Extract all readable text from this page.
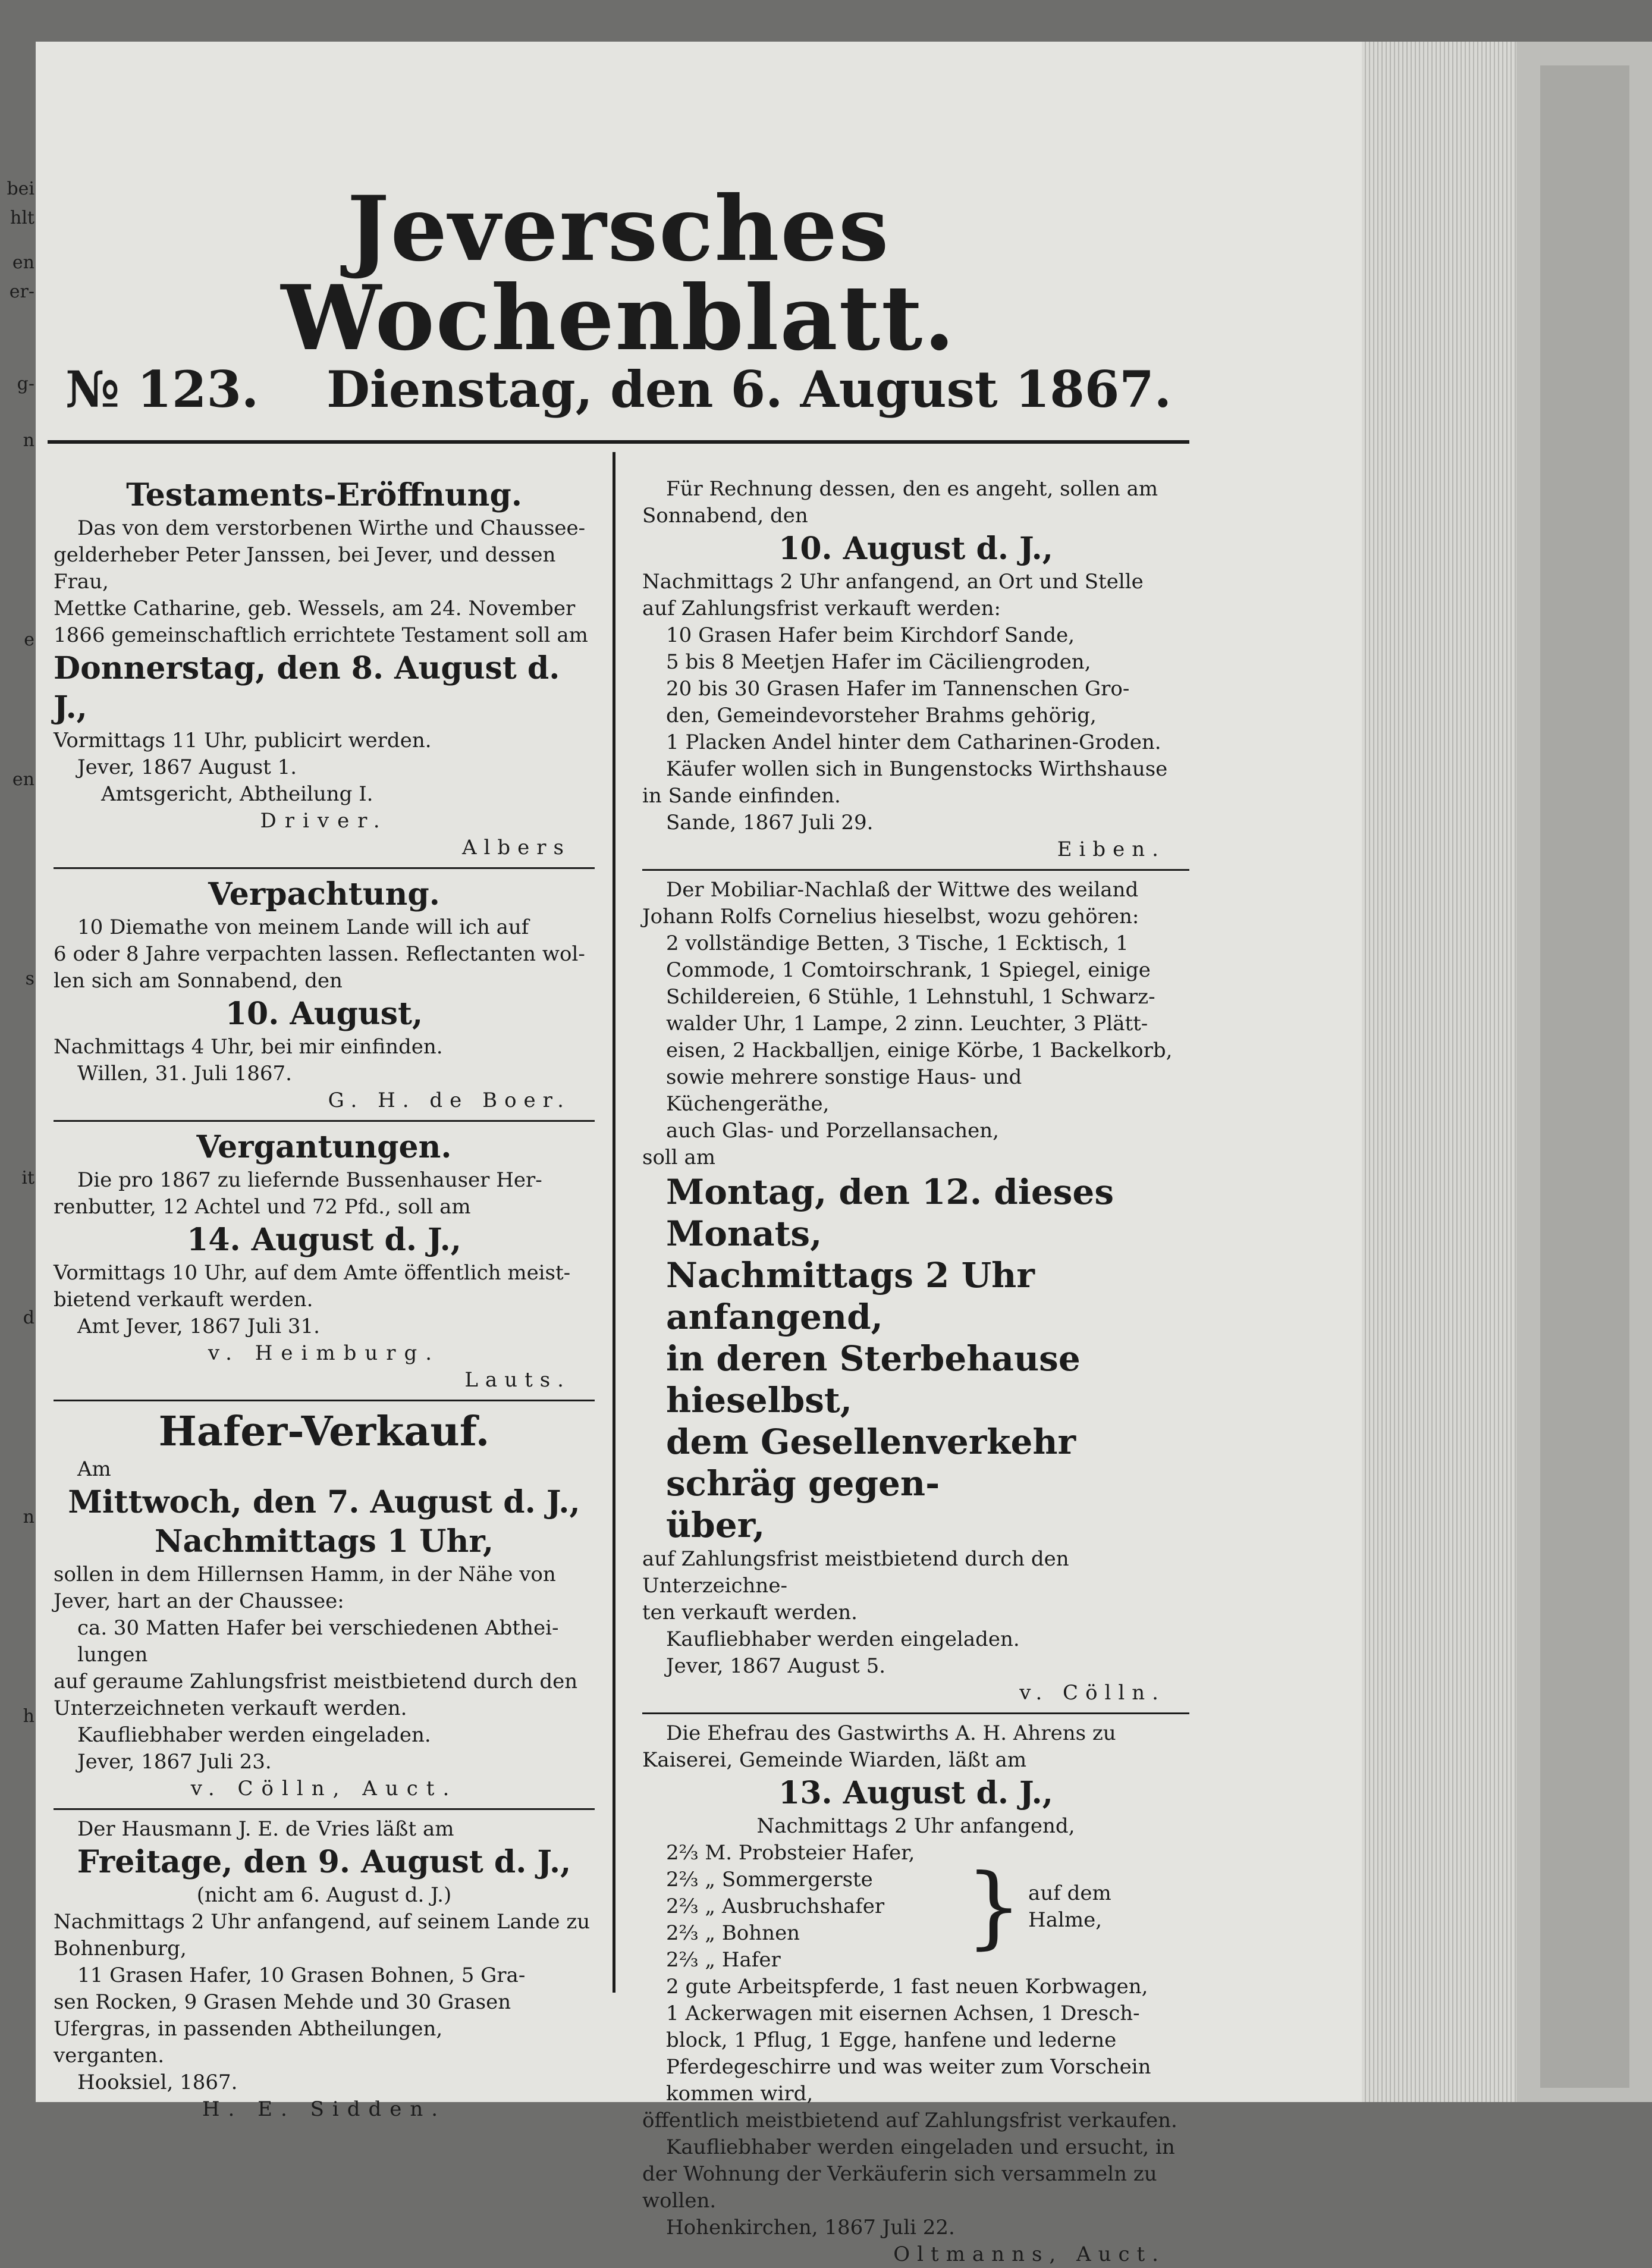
bei
hlt
en
er-
g-
n
e
en
s
it
d
n
h
Jeversches Wochenblatt.
№ 123. Dienstag, den 6. August 1867.

Testaments-Eröffnung.

Das von dem verstorbenen Wirthe und Chaussee-

gelderheber Peter Janssen, bei Jever, und dessen Frau,

Mettke Catharine, geb. Wessels, am 24. November

1866 gemeinschaftlich errichtete Testament soll am

Donnerstag, den 8. August d. J.,

Vormittags 11 Uhr, publicirt werden.

Jever, 1867 August 1.

Amtsgericht, Abtheilung I.

Driver.

Albers

Verpachtung.

10 Diemathe von meinem Lande will ich auf

6 oder 8 Jahre verpachten lassen. Reflectanten wol-

len sich am Sonnabend, den

10. August,

Nachmittags 4 Uhr, bei mir einfinden.

Willen, 31. Juli 1867.

G. H. de Boer.

Vergantungen.

Die pro 1867 zu liefernde Bussenhauser Her-

renbutter, 12 Achtel und 72 Pfd., soll am

14. August d. J.,

Vormittags 10 Uhr, auf dem Amte öffentlich meist-

bietend verkauft werden.

Amt Jever, 1867 Juli 31.

v. Heimburg.

Lauts.

Hafer-Verkauf.

Am

Mittwoch, den 7. August d. J.,

Nachmittags 1 Uhr,

sollen in dem Hillernsen Hamm, in der Nähe von

Jever, hart an der Chaussee:

ca. 30 Matten Hafer bei verschiedenen Abthei-

lungen

auf geraume Zahlungsfrist meistbietend durch den

Unterzeichneten verkauft werden.

Kaufliebhaber werden eingeladen.

Jever, 1867 Juli 23.

v. Cölln, Auct.

Der Hausmann J. E. de Vries läßt am

Freitage, den 9. August d. J.,

(nicht am 6. August d. J.)

Nachmittags 2 Uhr anfangend, auf seinem Lande zu

Bohnenburg,

11 Grasen Hafer, 10 Grasen Bohnen, 5 Gra-

sen Rocken, 9 Grasen Mehde und 30 Grasen

Ufergras, in passenden Abtheilungen,

verganten.

Hooksiel, 1867.

H. E. Sidden.

Für Rechnung dessen, den es angeht, sollen am

Sonnabend, den

10. August d. J.,

Nachmittags 2 Uhr anfangend, an Ort und Stelle

auf Zahlungsfrist verkauft werden:

10 Grasen Hafer beim Kirchdorf Sande,

5 bis 8 Meetjen Hafer im Cäciliengroden,

20 bis 30 Grasen Hafer im Tannenschen Gro-

den, Gemeindevorsteher Brahms gehörig,

1 Placken Andel hinter dem Catharinen-Groden.

Käufer wollen sich in Bungenstocks Wirthshause

in Sande einfinden.

Sande, 1867 Juli 29.

Eiben.

Der Mobiliar-Nachlaß der Wittwe des weiland

Johann Rolfs Cornelius hieselbst, wozu gehören:

2 vollständige Betten, 3 Tische, 1 Ecktisch, 1

Commode, 1 Comtoirschrank, 1 Spiegel, einige

Schildereien, 6 Stühle, 1 Lehnstuhl, 1 Schwarz-

walder Uhr, 1 Lampe, 2 zinn. Leuchter, 3 Plätt-

eisen, 2 Hackballjen, einige Körbe, 1 Backelkorb,

sowie mehrere sonstige Haus- und Küchengeräthe,

auch Glas- und Porzellansachen,

soll am

Montag, den 12. dieses Monats,

Nachmittags 2 Uhr anfangend,

in deren Sterbehause hieselbst,

dem Gesellenverkehr schräg gegen-

über,

auf Zahlungsfrist meistbietend durch den Unterzeichne-

ten verkauft werden.

Kaufliebhaber werden eingeladen.

Jever, 1867 August 5.

v. Cölln.

Die Ehefrau des Gastwirths A. H. Ahrens zu

Kaiserei, Gemeinde Wiarden, läßt am

13. August d. J.,

Nachmittags 2 Uhr anfangend,

2⅔ M. Probsteier Hafer,

2⅔ „ Sommergerste

2⅔ „ Ausbruchshafer

2⅔ „ Bohnen

2⅔ „ Hafer

} auf dem Halme,

2 gute Arbeitspferde, 1 fast neuen Korbwagen,

1 Ackerwagen mit eisernen Achsen, 1 Dresch-

block, 1 Pflug, 1 Egge, hanfene und lederne

Pferdegeschirre und was weiter zum Vorschein

kommen wird,

öffentlich meistbietend auf Zahlungsfrist verkaufen.

Kaufliebhaber werden eingeladen und ersucht, in

der Wohnung der Verkäuferin sich versammeln zu

wollen.

Hohenkirchen, 1867 Juli 22.

Oltmanns, Auct.
